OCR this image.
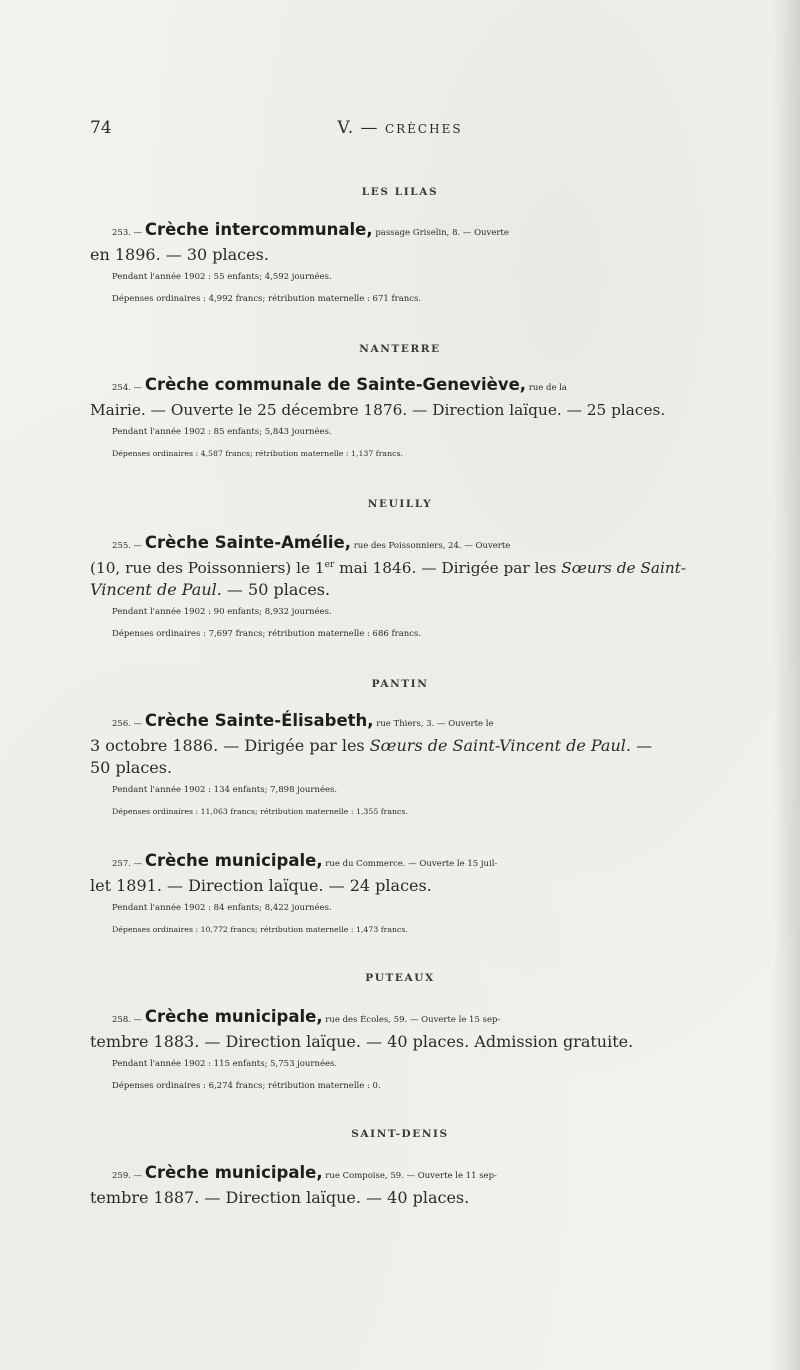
74	V. — CRÈCHES
LES LILAS
253. — Crèche intercommunale, passage Griselin, 8. — Ouverte
en 1896. — 30 places.
Pendant l'année 1902 : 55 enfants; 4,592 journées.
Dépenses ordinaires : 4,992 francs; rétribution maternelle : 671 francs.
NANTERRE
254. — Crèche communale de Sainte-Geneviève, rue de la
Mairie. — Ouverte le 25 décembre 1876. — Direction laïque. — 25 places.
Pendant l'année 1902 : 85 enfants; 5,843 journées.
Dépenses ordinaires : 4,587 francs; rétribution maternelle : 1,137 francs.
NEUILLY
255. — Crèche Sainte-Amélie, rue des Poissonniers, 24. — Ouverte
(10, rue des Poissonniers) le 1er mai 1846. — Dirigée par les Sœurs de Saint-
Vincent de Paul. — 50 places.
Pendant l'année 1902 : 90 enfants; 8,932 journées.
Dépenses ordinaires : 7,697 francs; rétribution maternelle : 686 francs.
PANTIN
256. — Crèche Sainte-Élisabeth, rue Thiers, 3. — Ouverte le
3 octobre 1886. — Dirigée par les Sœurs de Saint-Vincent de Paul. —
50 places.
Pendant l'année 1902 : 134 enfants; 7,898 journées.
Dépenses ordinaires : 11,063 francs; rétribution maternelle : 1,355 francs.
257. — Crèche municipale, rue du Commerce. — Ouverte le 15 juil-
let 1891. — Direction laïque. — 24 places.
Pendant l'année 1902 : 84 enfants; 8,422 journées.
Dépenses ordinaires : 10,772 francs; rétribution maternelle : 1,473 francs.
PUTEAUX
258. — Crèche municipale, rue des Écoles, 59. — Ouverte le 15 sep-
tembre 1883. — Direction laïque. — 40 places. Admission gratuite.
Pendant l'année 1902 : 115 enfants; 5,753 journées.
Dépenses ordinaires : 6,274 francs; rétribution maternelle : 0.
SAINT-DENIS
259. — Crèche municipale, rue Compoise, 59. — Ouverte le 11 sep-
tembre 1887. — Direction laïque. — 40 places.
